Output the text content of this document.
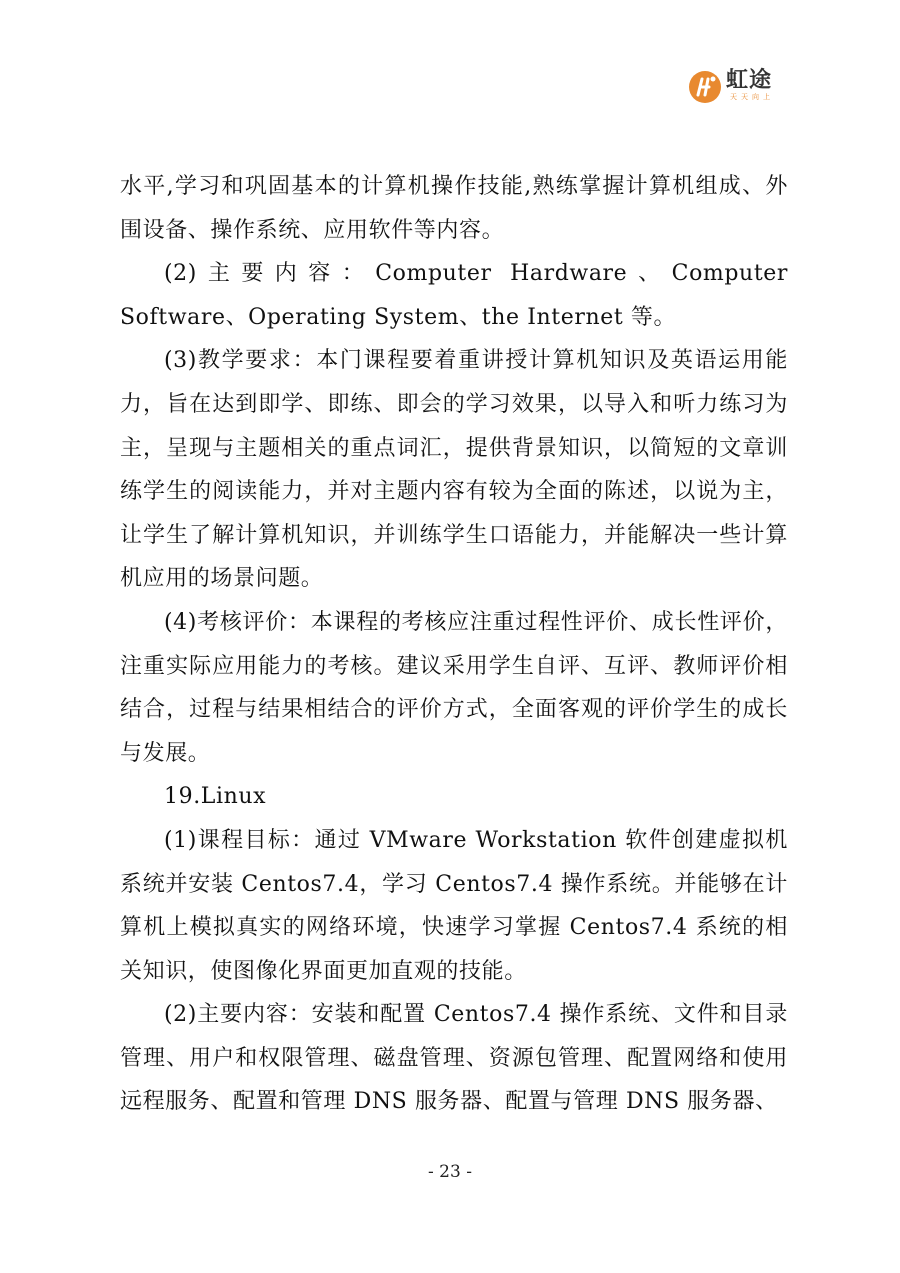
虹途
天天向上

水平,学习和巩固基本的计算机操作技能,熟练掌握计算机组成、外围设备、操作系统、应用软件等内容。

(2)主要内容：Computer Hardware、Computer Software、Operating System、the Internet 等。

(3)教学要求：本门课程要着重讲授计算机知识及英语运用能力，旨在达到即学、即练、即会的学习效果，以导入和听力练习为主，呈现与主题相关的重点词汇，提供背景知识，以简短的文章训练学生的阅读能力，并对主题内容有较为全面的陈述，以说为主，让学生了解计算机知识，并训练学生口语能力，并能解决一些计算机应用的场景问题。

(4)考核评价：本课程的考核应注重过程性评价、成长性评价，注重实际应用能力的考核。建议采用学生自评、互评、教师评价相结合，过程与结果相结合的评价方式，全面客观的评价学生的成长与发展。

19.Linux

(1)课程目标：通过 VMware Workstation 软件创建虚拟机系统并安装 Centos7.4，学习 Centos7.4 操作系统。并能够在计算机上模拟真实的网络环境，快速学习掌握 Centos7.4 系统的相关知识，使图像化界面更加直观的技能。

(2)主要内容：安装和配置 Centos7.4 操作系统、文件和目录管理、用户和权限管理、磁盘管理、资源包管理、配置网络和使用远程服务、配置和管理 DNS 服务器、配置与管理 DNS 服务器、

- 23 -
